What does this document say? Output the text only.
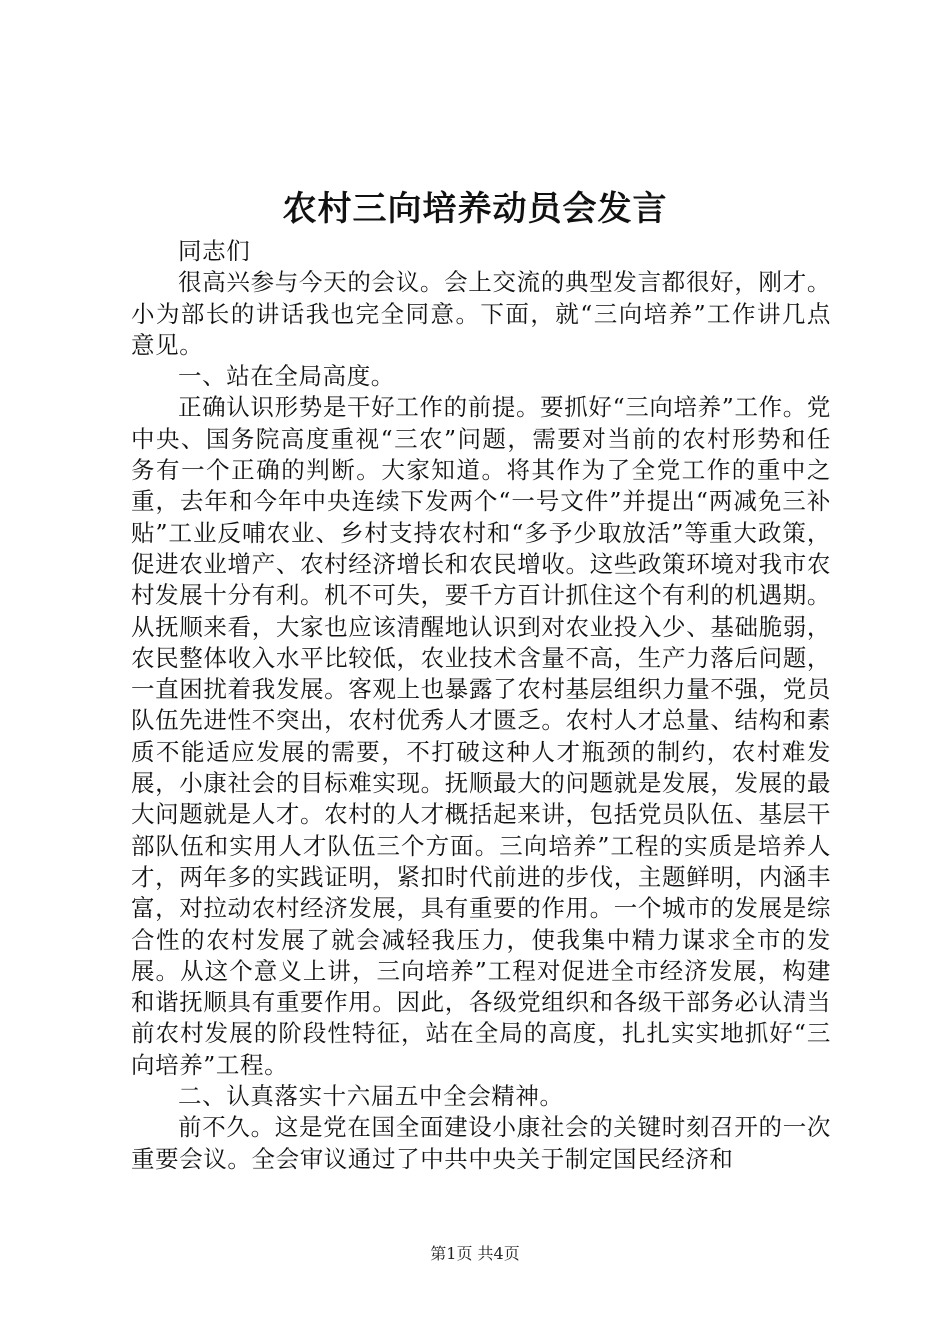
农村三向培养动员会发言

同志们

很高兴参与今天的会议。会上交流的典型发言都很好，刚才。小为部长的讲话我也完全同意。下面，就“三向培养”工作讲几点意见。

一、站在全局高度。

正确认识形势是干好工作的前提。要抓好“三向培养”工作。党中央、国务院高度重视“三农”问题，需要对当前的农村形势和任务有一个正确的判断。大家知道。将其作为了全党工作的重中之重，去年和今年中央连续下发两个“一号文件”并提出“两减免三补贴”工业反哺农业、乡村支持农村和“多予少取放活”等重大政策，促进农业增产、农村经济增长和农民增收。这些政策环境对我市农村发展十分有利。机不可失，要千方百计抓住这个有利的机遇期。从抚顺来看，大家也应该清醒地认识到对农业投入少、基础脆弱，农民整体收入水平比较低，农业技术含量不高，生产力落后问题，一直困扰着我发展。客观上也暴露了农村基层组织力量不强，党员队伍先进性不突出，农村优秀人才匮乏。农村人才总量、结构和素质不能适应发展的需要，不打破这种人才瓶颈的制约，农村难发展，小康社会的目标难实现。抚顺最大的问题就是发展，发展的最大问题就是人才。农村的人才概括起来讲，包括党员队伍、基层干部队伍和实用人才队伍三个方面。三向培养”工程的实质是培养人才，两年多的实践证明，紧扣时代前进的步伐，主题鲜明，内涵丰富，对拉动农村经济发展，具有重要的作用。一个城市的发展是综合性的农村发展了就会减轻我压力，使我集中精力谋求全市的发展。从这个意义上讲，三向培养”工程对促进全市经济发展，构建和谐抚顺具有重要作用。因此，各级党组织和各级干部务必认清当前农村发展的阶段性特征，站在全局的高度，扎扎实实地抓好“三向培养”工程。

二、认真落实十六届五中全会精神。

前不久。这是党在国全面建设小康社会的关键时刻召开的一次重要会议。全会审议通过了中共中央关于制定国民经济和

第1页 共4页
